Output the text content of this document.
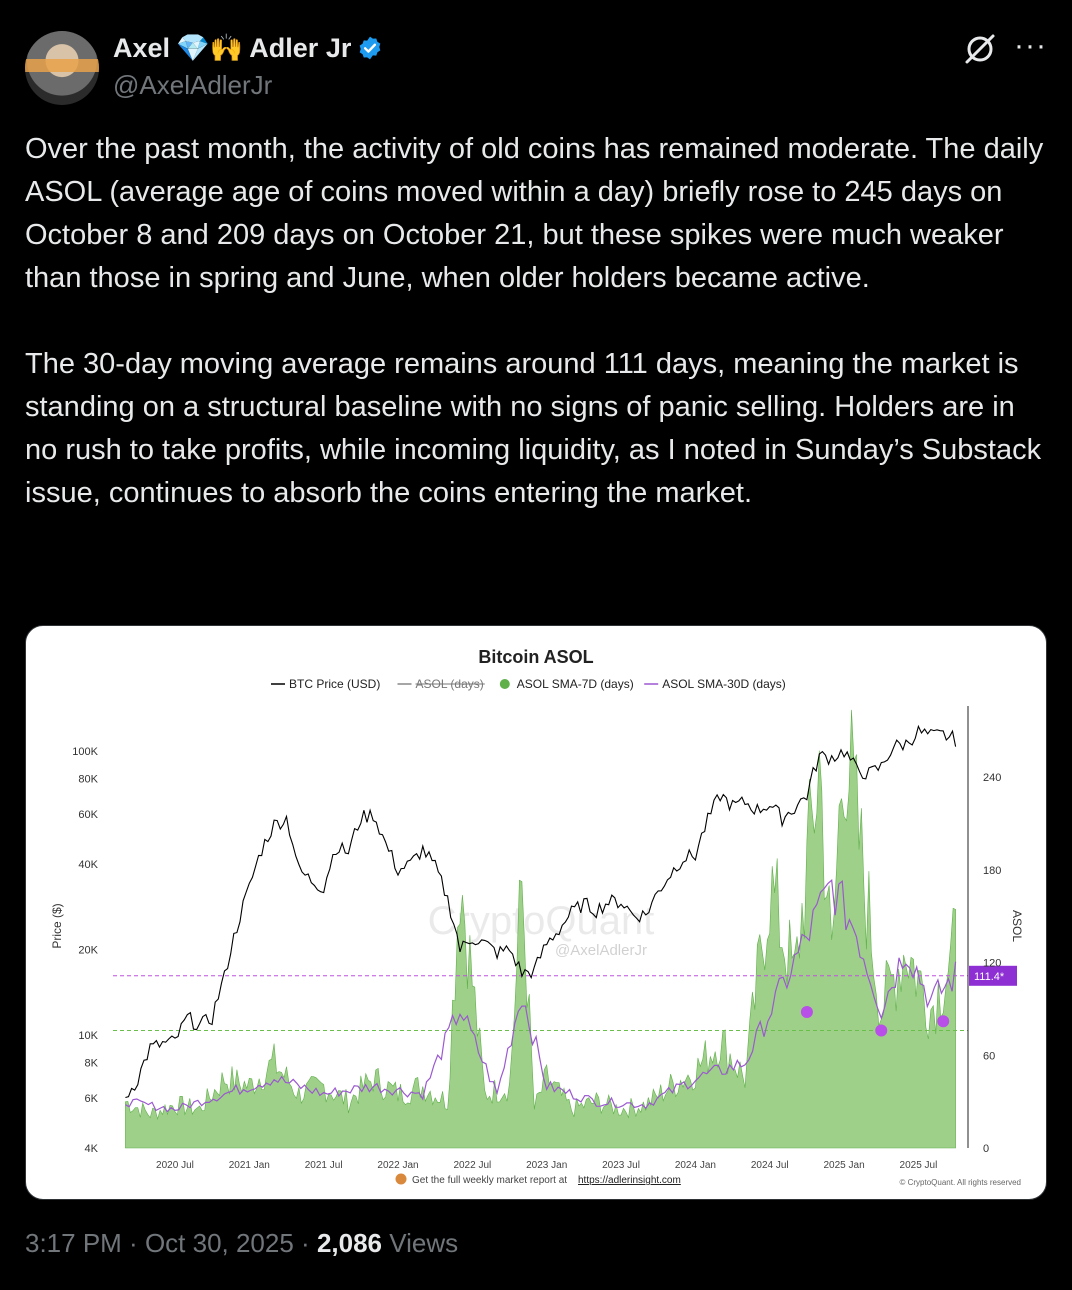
Axel 💎🙌 Adler Jr
@AxelAdlerJr
···

Over the past month, the activity of old coins has remained moderate. The daily ASOL (average age of coins moved within a day) briefly rose to 245 days on October 8 and 209 days on October 21, but these spikes were much weaker than those in spring and June, when older holders became active.

The 30-day moving average remains around 111 days, meaning the market is standing on a structural baseline with no signs of panic selling. Holders are in no rush to take profits, while incoming liquidity, as I noted in Sunday’s Substack issue, continues to absorb the coins entering the market.

Bitcoin ASOL
BTC Price (USD)	ASOL (days)	ASOL SMA-7D (days) ASOL SMA-30D (days)
CryptoQuant
@AxelAdlerJr
111.4*
2020 Jul	2021 Jan	2021 Jul	2022 Jan	2022 Jul	2023 Jan	2023 Jul	2024 Jan	2024 Jul	2025 Jan	2025 Jul
100K
80K
60K
40K
20K
10K
8K
6K
4K
240
180
120
60
0
Price ($)	ASOL
Get the full weekly market report at https://adlerinsight.com	© CryptoQuant. All rights reserved
3:17 PM · Oct 30, 2025 · 2,086 Views
